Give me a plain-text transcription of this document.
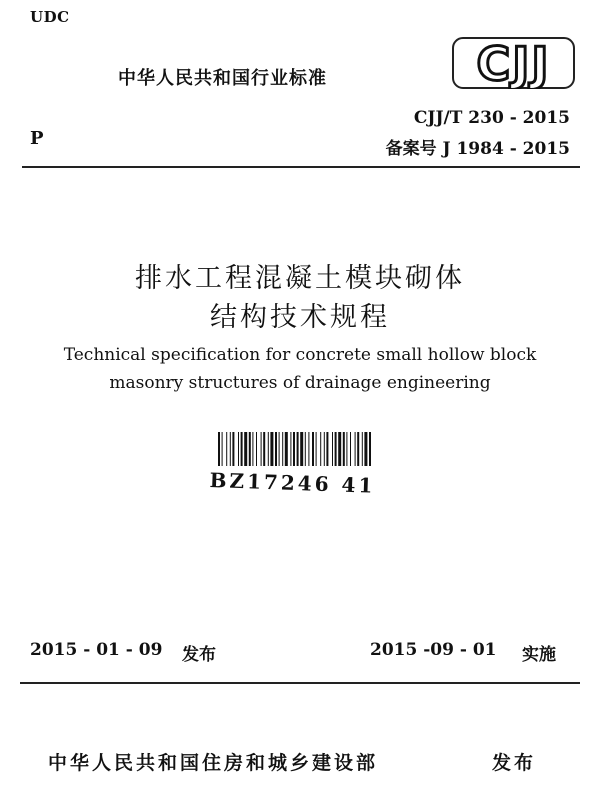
UDC
中华人民共和国行业标准	CJJ
P
CJJ/T 230 - 2015
备案号 J 1984 - 2015
排水工程混凝土模块砌体
结构技术规程
Technical specification for concrete small hollow block
masonry structures of drainage engineering
BZ17246 41
2015 - 01 - 09 发布	2015 -09 - 01 实施
中华人民共和国住房和城乡建设部	发布
